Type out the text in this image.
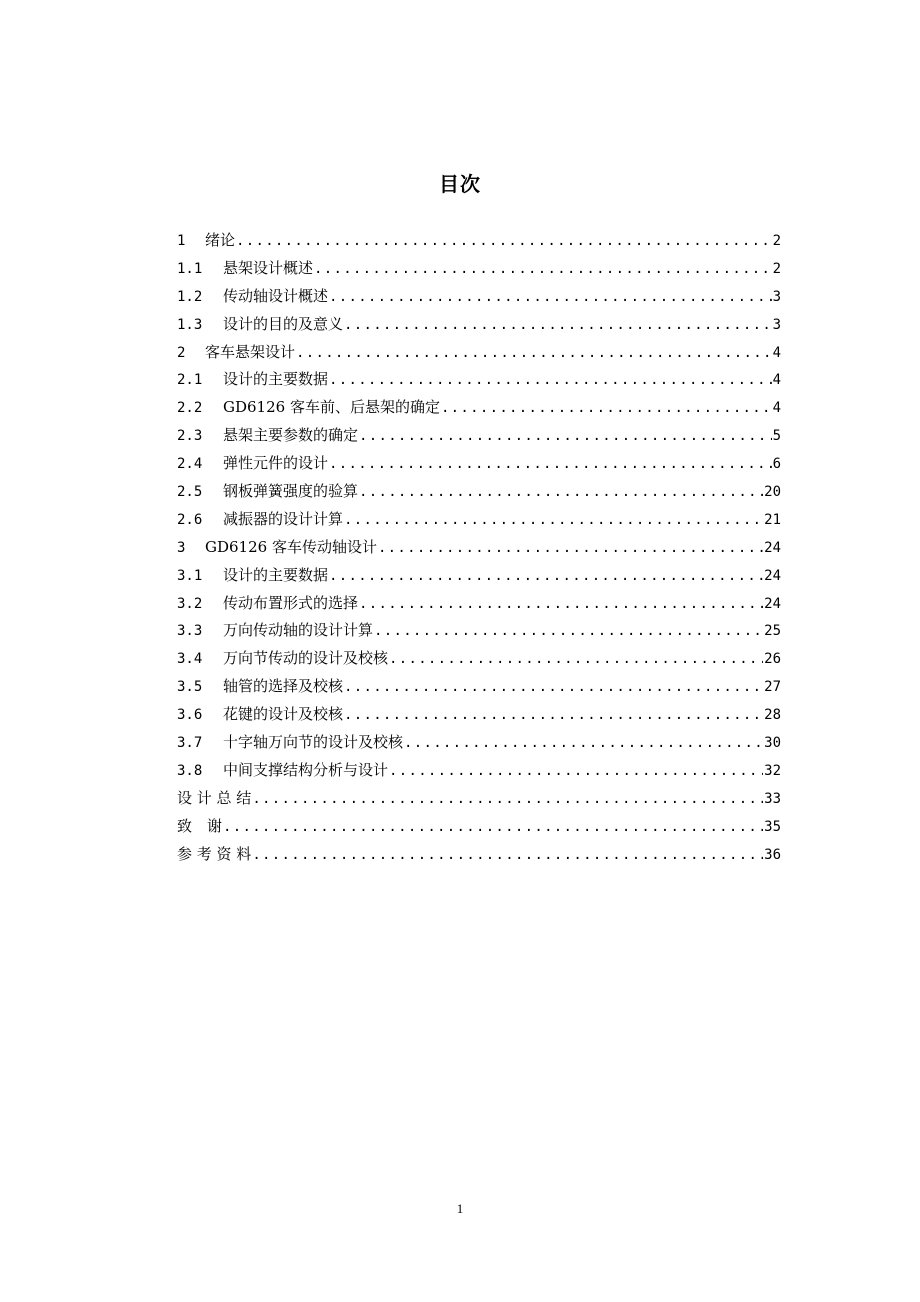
目次
1	绪论 .....	2
1.1	悬架设计概述 .....	2
1.2	传动轴设计概述 .....	3
1.3	设计的目的及意义 .....	3
2	客车悬架设计 .....	4
2.1	设计的主要数据 .....	4
2.2	GD6126 客车前、后悬架的确定 .....	4
2.3	悬架主要参数的确定 .....	5
2.4	弹性元件的设计 .....	6
2.5	钢板弹簧强度的验算 .....	20
2.6	减振器的设计计算 .....	21
3	GD6126 客车传动轴设计 .....	24
3.1	设计的主要数据 .....	24
3.2	传动布置形式的选择 .....	24
3.3	万向传动轴的设计计算 .....	25
3.4	万向节传动的设计及校核 .....	26
3.5	轴管的选择及校核 .....	27
3.6	花键的设计及校核 .....	28
3.7	十字轴万向节的设计及校核 .....	30
3.8	中间支撑结构分析与设计 .....	32
设 计 总 结 .....	33
致　谢 .....	35
参 考 资 料 .....	36
1
